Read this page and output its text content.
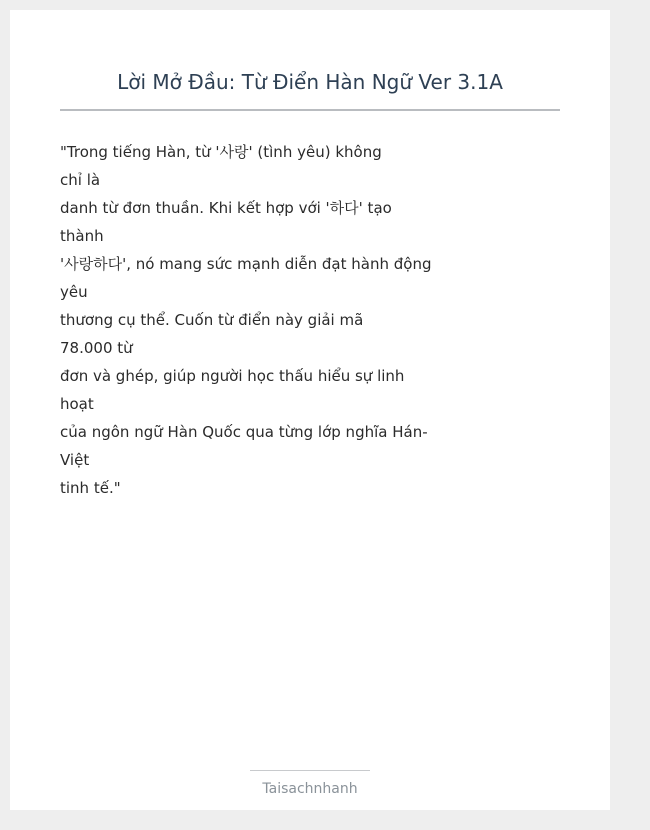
Lời Mở Đầu: Từ Điển Hàn Ngữ Ver 3.1A
"Trong tiếng Hàn, từ '사랑' (tình yêu) không
chỉ là
danh từ đơn thuần. Khi kết hợp với '하다' tạo
thành
'사랑하다', nó mang sức mạnh diễn đạt hành động
yêu
thương cụ thể. Cuốn từ điển này giải mã
78.000 từ
đơn và ghép, giúp người học thấu hiểu sự linh
hoạt
của ngôn ngữ Hàn Quốc qua từng lớp nghĩa Hán-
Việt
tinh tế."
Taisachnhanh
